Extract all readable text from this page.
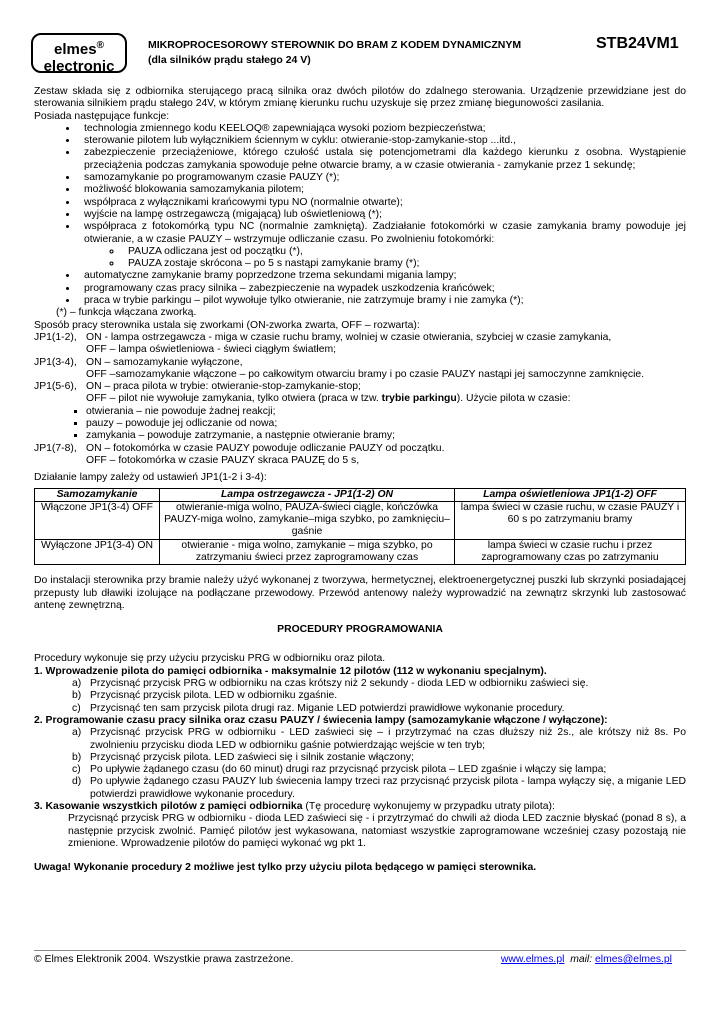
elmes®
electronic
MIKROPROCESOROWY STEROWNIK DO BRAM Z KODEM DYNAMICZNYM
(dla silników prądu stałego 24 V)
STB24VM1

Zestaw składa się z odbiornika sterującego pracą silnika oraz dwóch pilotów do zdalnego sterowania. Urządzenie przewidziane jest do sterowania silnikiem prądu stałego 24V, w którym zmianę kierunku ruchu uzyskuje się przez zmianę biegunowości zasilania.

Posiada następujące funkcje:

• technologia zmiennego kodu KEELOQ® zapewniająca wysoki poziom bezpieczeństwa;
• sterowanie pilotem lub wyłącznikiem ściennym w cyklu: otwieranie-stop-zamykanie-stop ...itd.,
• zabezpieczenie przeciążeniowe, którego czułość ustala się potencjometrami dla każdego kierunku z osobna. Wystąpienie przeciążenia podczas zamykania spowoduje pełne otwarcie bramy, a w czasie otwierania - zamykanie przez 1 sekundę;
• samozamykanie po programowanym czasie PAUZY (*);
• możliwość blokowania samozamykania pilotem;
• współpraca z wyłącznikami krańcowymi typu NO (normalnie otwarte);
• wyjście na lampę ostrzegawczą (migającą) lub oświetleniową (*);
• współpraca z fotokomórką typu NC (normalnie zamkniętą). Zadziałanie fotokomórki w czasie zamykania bramy powoduje jej otwieranie, a w czasie PAUZY – wstrzymuje odliczanie czasu. Po zwolnieniu fotokomórki:
◦ PAUZA odliczana jest od początku (*),
◦ PAUZA zostaje skrócona – po 5 s nastąpi zamykanie bramy (*);
• automatyczne zamykanie bramy poprzedzone trzema sekundami migania lampy;
• programowany czas pracy silnika – zabezpieczenie na wypadek uszkodzenia krańcówek;
• praca w trybie parkingu – pilot wywołuje tylko otwieranie, nie zatrzymuje bramy i nie zamyka (*);

(*) – funkcja włączana zworką.

Sposób pracy sterownika ustala się zworkami (ON-zworka zwarta, OFF – rozwarta):

JP1(1-2), ON - lampa ostrzegawcza - miga w czasie ruchu bramy, wolniej w czasie otwierania, szybciej w czasie zamykania,

OFF – lampa oświetleniowa - świeci ciągłym światłem;

JP1(3-4), ON – samozamykanie wyłączone,

OFF –samozamykanie włączone – po całkowitym otwarciu bramy i po czasie PAUZY nastąpi jej samoczynne zamknięcie.

JP1(5-6), ON – praca pilota w trybie: otwieranie-stop-zamykanie-stop;

OFF – pilot nie wywołuje zamykania, tylko otwiera (praca w tzw. trybie parkingu). Użycie pilota w czasie:

▪ otwierania – nie powoduje żadnej reakcji;
▪ pauzy – powoduje jej odliczanie od nowa;
▪ zamykania – powoduje zatrzymanie, a następnie otwieranie bramy;
JP1(7-8), ON – fotokomórka w czasie PAUZY powoduje odliczanie PAUZY od początku.

OFF – fotokomórka w czasie PAUZY skraca PAUZĘ do 5 s,

Działanie lampy zależy od ustawień JP1(1-2 i 3-4):

Samozamykanie	Lampa ostrzegawcza - JP1(1-2) ON	Lampa oświetleniowa JP1(1-2) OFF
Włączone JP1(3-4) OFF	otwieranie-miga wolno, PAUZA-świeci ciągle, kończówka PAUZY-miga wolno, zamykanie–miga szybko, po zamknięciu–gaśnie	lampa świeci w czasie ruchu, w czasie PAUZY i 60 s po zatrzymaniu bramy
Wyłączone JP1(3-4) ON	otwieranie - miga wolno, zamykanie – miga szybko, po zatrzymaniu świeci przez zaprogramowany czas	lampa świeci w czasie ruchu i przez zaprogramowany czas po zatrzymaniu

Do instalacji sterownika przy bramie należy użyć wykonanej z tworzywa, hermetycznej, elektroenergetycznej puszki lub skrzynki posiadającej przepusty lub dławiki izolujące na podłączane przewodowy. Przewód antenowy należy wyprowadzić na zewnątrz skrzynki lub zastosować antenę zewnętrzną.

PROCEDURY PROGRAMOWANIA

Procedury wykonuje się przy użyciu przycisku PRG w odbiorniku oraz pilota.

1. Wprowadzenie pilota do pamięci odbiornika - maksymalnie 12 pilotów (112 w wykonaniu specjalnym).

a) Przycisnąć przycisk PRG w odbiorniku na czas krótszy niż 2 sekundy - dioda LED w odbiorniku zaświeci się.
b) Przycisnąć przycisk pilota. LED w odbiorniku zgaśnie.
c) Przycisnąć ten sam przycisk pilota drugi raz. Miganie LED potwierdzi prawidłowe wykonanie procedury.

2. Programowanie czasu pracy silnika oraz czasu PAUZY / świecenia lampy (samozamykanie włączone / wyłączone):

a) Przycisnąć przycisk PRG w odbiorniku - LED zaświeci się – i przytrzymać na czas dłuższy niż 2s., ale krótszy niż 8s. Po zwolnieniu przycisku dioda LED w odbiorniku gaśnie potwierdzając wejście w ten tryb;
b) Przycisnąć przycisk pilota. LED zaświeci się i silnik zostanie włączony;
c) Po upływie żądanego czasu (do 60 minut) drugi raz przycisnąć przycisk pilota – LED zgaśnie i włączy się lampa;
d) Po upływie żądanego czasu PAUZY lub świecenia lampy trzeci raz przycisnąć przycisk pilota - lampa wyłączy się, a miganie LED potwierdzi prawidłowe wykonanie procedury.

3. Kasowanie wszystkich pilotów z pamięci odbiornika (Tę procedurę wykonujemy w przypadku utraty pilota):

Przycisnąć przycisk PRG w odbiorniku - dioda LED zaświeci się - i przytrzymać do chwili aż dioda LED zacznie błyskać (ponad 8 s), a następnie przycisk zwolnić. Pamięć pilotów jest wykasowana, natomiast wszystkie zaprogramowane wcześniej czasy pozostają nie zmienione. Wprowadzenie pilotów do pamięci wykonać wg pkt 1.

Uwaga! Wykonanie procedury 2 możliwe jest tylko przy użyciu pilota będącego w pamięci sterownika.

© Elmes Elektronik 2004. Wszystkie prawa zastrzeżone.	www.elmes.pl mail: elmes@elmes.pl
